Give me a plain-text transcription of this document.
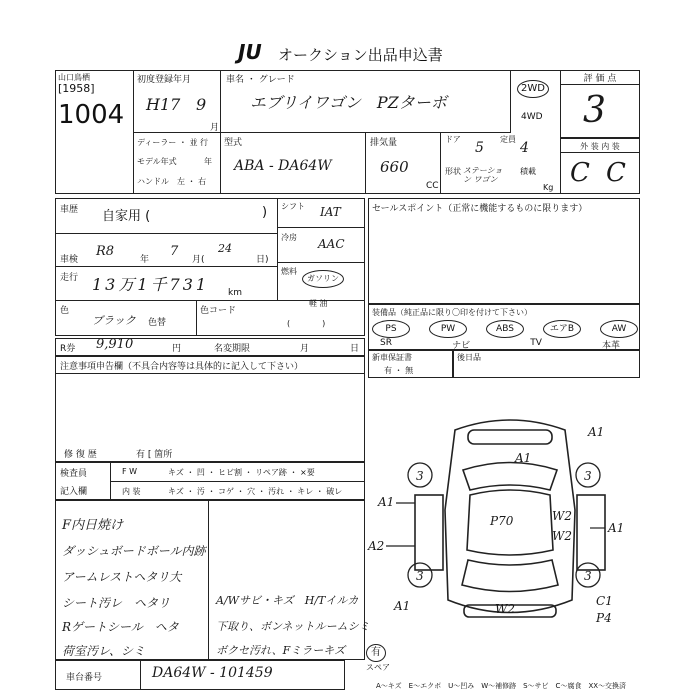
JU オークション出品申込書
山口鳥栖
[1958]
1004
初度登録年月
H17 9
月
車名 ・ グレード
エブリイワゴン　PZターボ
2WD
4WD
評 価 点
3
ディーラー ・ 並 行
モデル年式	年
ハンドル　左 ・ 右
型式
ABA - DA64W
排気量
660
CC
ドア
5
定員
4
形状 ステーション ワゴン
積載
Kg
外 装 内 装
C C
車歴 自家用 (	)
車検
R8
年
7
月(
24
日)
走行 13万1千731 km
色
ブラック 色替
色コード
シフト IAT
冷房 AAC
燃料
ガソリン
軽 油
(　　　　)
セールスポイント（正常に機能するものに限ります）
装備品（純正品に限り〇印を付けて下さい）
PS	PW	ABS	エアB	AW
SR	ナビ	TV	本革
R券 9,910	円	名変期限	月	日
新車保証書
有 ・ 無
後日品
注意事項申告欄（不具合内容等は具体的に記入して下さい）
修 復 歴	有 [ 箇所
検査員
記入欄
F W	キズ ・ 凹 ・ ヒビ割 ・ リペア跡 ・ ×要
内 装	キズ ・ 汚 ・ コゲ ・ 穴 ・ 汚れ ・ キレ ・ 破レ
F内日焼け
ダッシュボードボール内跡
アームレストヘタリ大
シート汚レ　ヘタリ
Rゲートシール　ヘタ
荷室汚レ、シミ
A/Wサビ・キズ　H/Tイルカ
下取り、ボンネットルームシミ
ボクセ汚れ、Fミラーキズ	有
スペア
車台番号	DA64W - 101459
A～キズ　E～エクボ　U～凹み　W～補修跡　S～サビ　C～腐食　XX～交換済
3	3
3	3
A1
A1
A1
A2
A1
A1
W2
W2
W2
C1
P4
P70
